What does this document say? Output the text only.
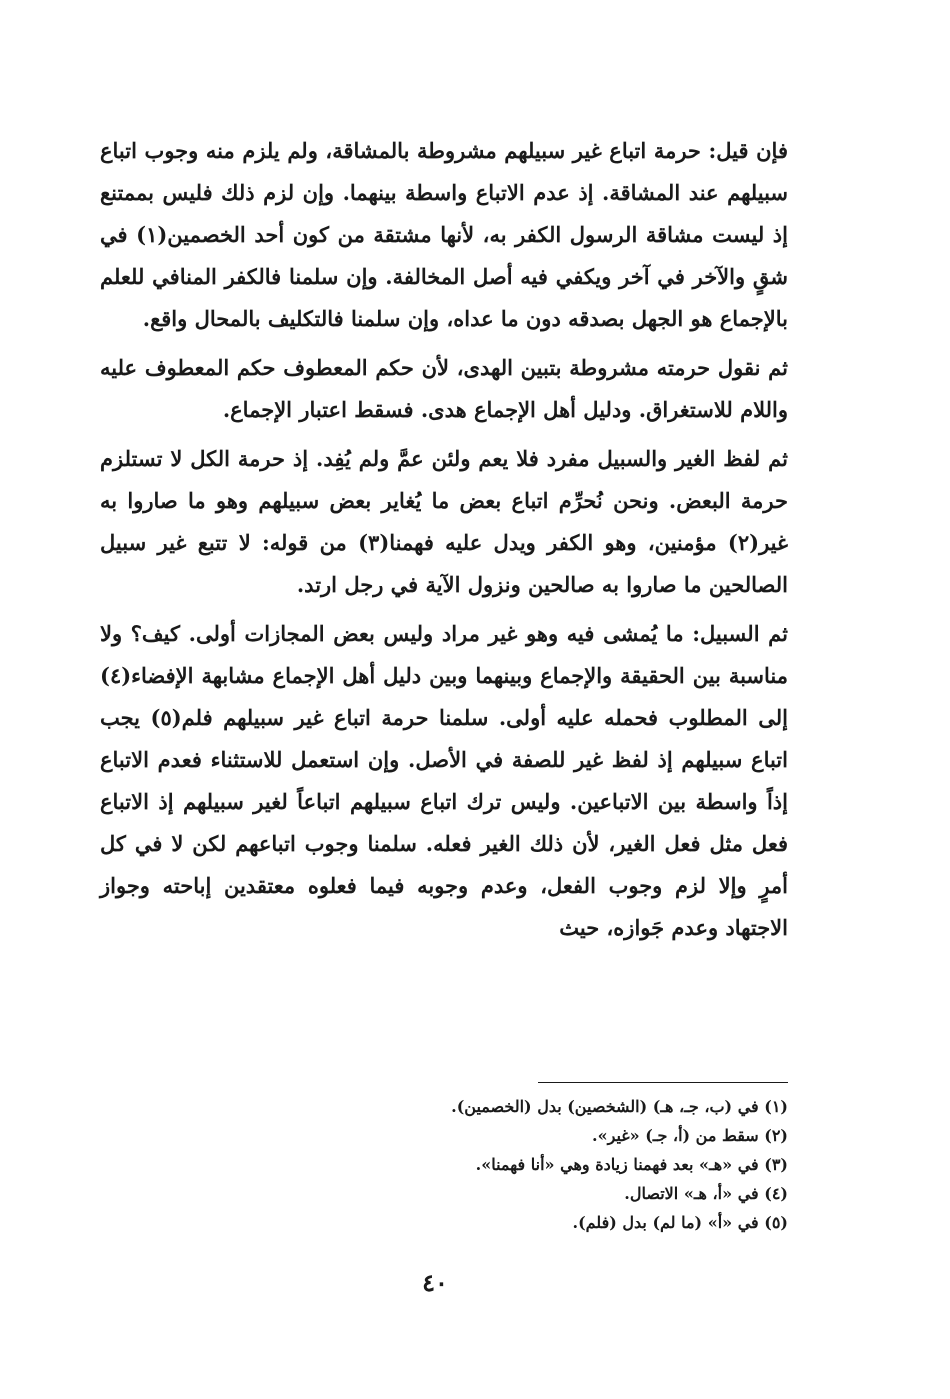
فإن قيل: حرمة اتباع غير سبيلهم مشروطة بالمشاقة، ولم يلزم منه وجوب اتباع سبيلهم عند المشاقة. إذ عدم الاتباع واسطة بينهما. وإن لزم ذلك فليس بممتنع إذ ليست مشاقة الرسول الكفر به، لأنها مشتقة من كون أحد الخصمين(١) في شقٍ والآخر في آخر ويكفي فيه أصل المخالفة. وإن سلمنا فالكفر المنافي للعلم بالإجماع هو الجهل بصدقه دون ما عداه، وإن سلمنا فالتكليف بالمحال واقع.

ثم نقول حرمته مشروطة بتبين الهدى، لأن حكم المعطوف حكم المعطوف عليه واللام للاستغراق. ودليل أهل الإجماع هدى. فسقط اعتبار الإجماع.

ثم لفظ الغير والسبيل مفرد فلا يعم ولئن عمَّ ولم يُفِد. إذ حرمة الكل لا تستلزم حرمة البعض. ونحن نُحرِّم اتباع بعض ما يُغاير بعض سبيلهم وهو ما صاروا به غير(٢) مؤمنين، وهو الكفر ويدل عليه فهمنا(٣) من قوله: لا تتبع غير سبيل الصالحين ما صاروا به صالحين ونزول الآية في رجل ارتد.

ثم السبيل: ما يُمشى فيه وهو غير مراد وليس بعض المجازات أولى. كيف؟ ولا مناسبة بين الحقيقة والإجماع وبينهما وبين دليل أهل الإجماع مشابهة الإفضاء(٤) إلى المطلوب فحمله عليه أولى. سلمنا حرمة اتباع غير سبيلهم فلم(٥) يجب اتباع سبيلهم إذ لفظ غير للصفة في الأصل. وإن استعمل للاستثناء فعدم الاتباع إذاً واسطة بين الاتباعين. وليس ترك اتباع سبيلهم اتباعاً لغير سبيلهم إذ الاتباع فعل مثل فعل الغير، لأن ذلك الغير فعله. سلمنا وجوب اتباعهم لكن لا في كل أمرٍ وإلا لزم وجوب الفعل، وعدم وجوبه فيما فعلوه معتقدين إباحته وجواز الاجتهاد وعدم جَوازه، حيث

(١) في (ب، جـ، هـ) (الشخصين) بدل (الخصمين).

(٢) سقط من (أ، جـ) «غير».

(٣) في «هـ» بعد فهمنا زيادة وهي «أنا فهمنا».

(٤) في «أ، هـ» الاتصال.

(٥) في «أ» (ما لم) بدل (فلم).

٤٠
